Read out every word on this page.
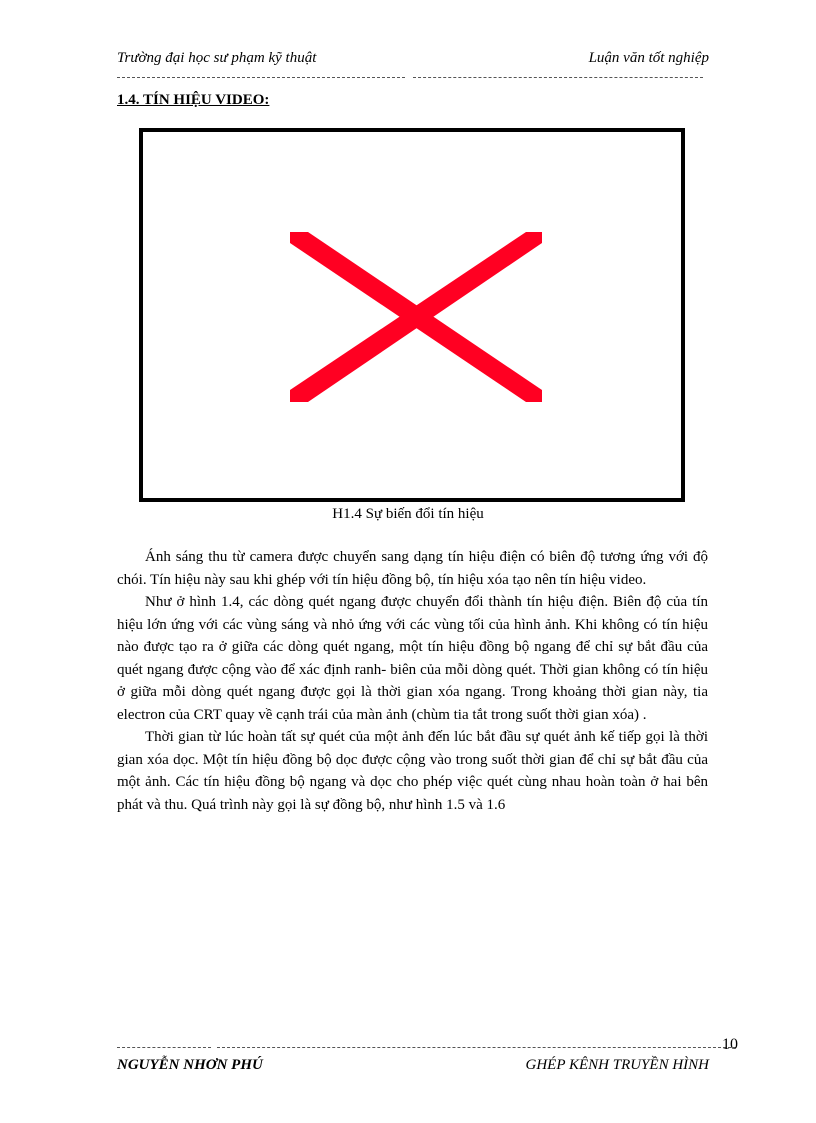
Trường đại học sư phạm kỹ thuật	Luận văn tốt nghiệp
1.4. TÍN HIỆU VIDEO:
H1.4 Sự biến đổi tín hiệu

Ánh sáng thu từ camera được chuyển sang dạng tín hiệu điện có biên độ tương ứng với độ chói. Tín hiệu này sau khi ghép với tín hiệu đồng bộ, tín hiệu xóa tạo nên tín hiệu video.

Như ở hình 1.4, các dòng quét ngang được chuyển đổi thành tín hiệu điện. Biên độ của tín hiệu lớn ứng với các vùng sáng và nhỏ ứng với các vùng tối của hình ảnh. Khi không có tín hiệu nào được tạo ra ở giữa các dòng quét ngang, một tín hiệu đồng bộ ngang để chỉ sự bắt đầu của quét ngang được cộng vào để xác định ranh- biên của mỗi dòng quét. Thời gian không có tín hiệu ở giữa mỗi dòng quét ngang được gọi là thời gian xóa ngang. Trong khoảng thời gian này, tia electron của CRT quay về cạnh trái của màn ảnh (chùm tia tắt trong suốt thời gian xóa) .

Thời gian từ lúc hoàn tất sự quét của một ảnh đến lúc bắt đầu sự quét ảnh kế tiếp gọi là thời gian xóa dọc. Một tín hiệu đồng bộ dọc được cộng vào trong suốt thời gian để chỉ sự bắt đầu của một ảnh. Các tín hiệu đồng bộ ngang và dọc cho phép việc quét cùng nhau hoàn toàn ở hai bên phát và thu. Quá trình này gọi là sự đồng bộ, như hình 1.5 và 1.6

10
NGUYỄN NHƠN PHÚ	GHÉP KÊNH TRUYỀN HÌNH
